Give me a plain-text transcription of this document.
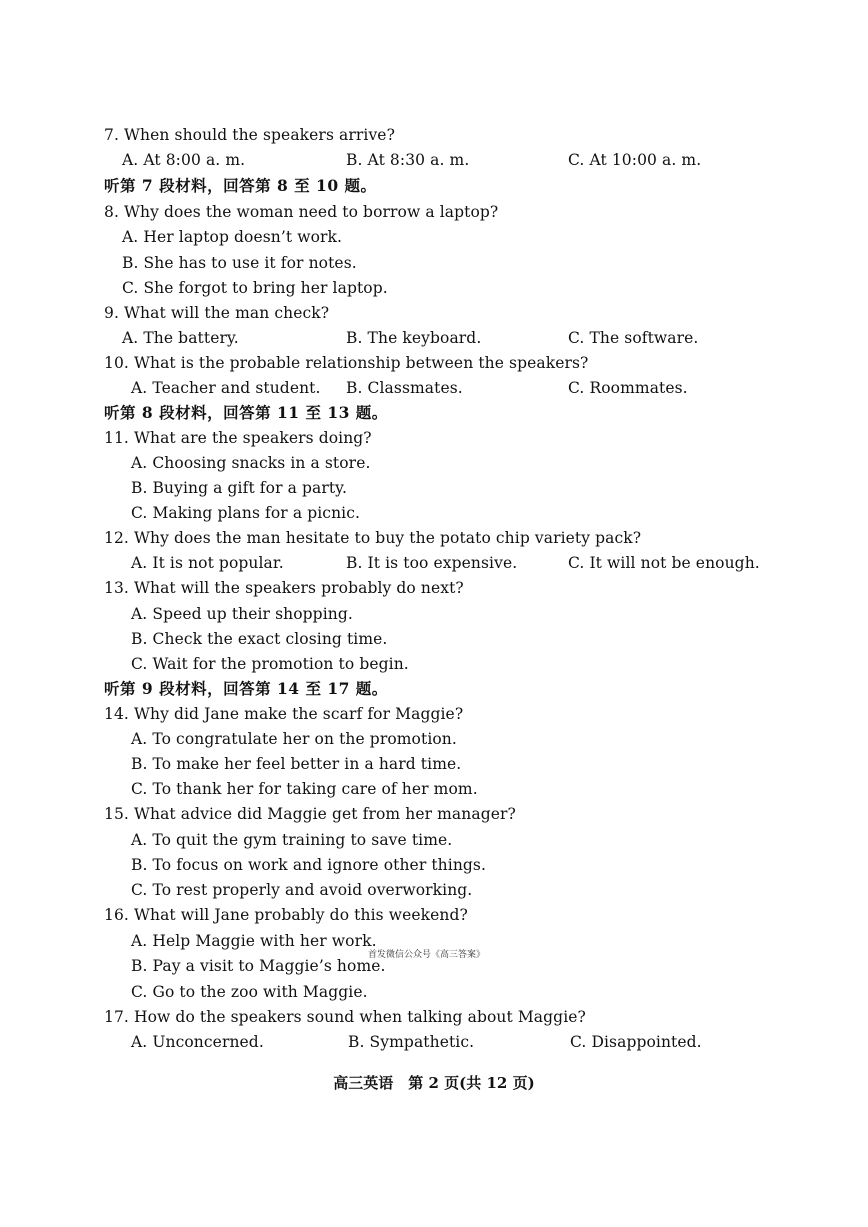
7. When should the speakers arrive?
A. At 8:00 a. m.	B. At 8:30 a. m.	C. At 10:00 a. m.
听第 7 段材料，回答第 8 至 10 题。
8. Why does the woman need to borrow a laptop?
A. Her laptop doesn’t work.
B. She has to use it for notes.
C. She forgot to bring her laptop.
9. What will the man check?
A. The battery.	B. The keyboard.	C. The software.
10. What is the probable relationship between the speakers?
A. Teacher and student. B. Classmates.	C. Roommates.
听第 8 段材料，回答第 11 至 13 题。
11. What are the speakers doing?
A. Choosing snacks in a store.
B. Buying a gift for a party.
C. Making plans for a picnic.
12. Why does the man hesitate to buy the potato chip variety pack?
A. It is not popular.	B. It is too expensive.	C. It will not be enough.
13. What will the speakers probably do next?
A. Speed up their shopping.
B. Check the exact closing time.
C. Wait for the promotion to begin.
听第 9 段材料，回答第 14 至 17 题。
14. Why did Jane make the scarf for Maggie?
A. To congratulate her on the promotion.
B. To make her feel better in a hard time.
C. To thank her for taking care of her mom.
15. What advice did Maggie get from her manager?
A. To quit the gym training to save time.
B. To focus on work and ignore other things.
C. To rest properly and avoid overworking.
16. What will Jane probably do this weekend?
A. Help Maggie with her work.
首发微信公众号《高三答案》
B. Pay a visit to Maggie’s home.
C. Go to the zoo with Maggie.
17. How do the speakers sound when talking about Maggie?
A. Unconcerned.	B. Sympathetic.	C. Disappointed.
高三英语　第 2 页(共 12 页)
